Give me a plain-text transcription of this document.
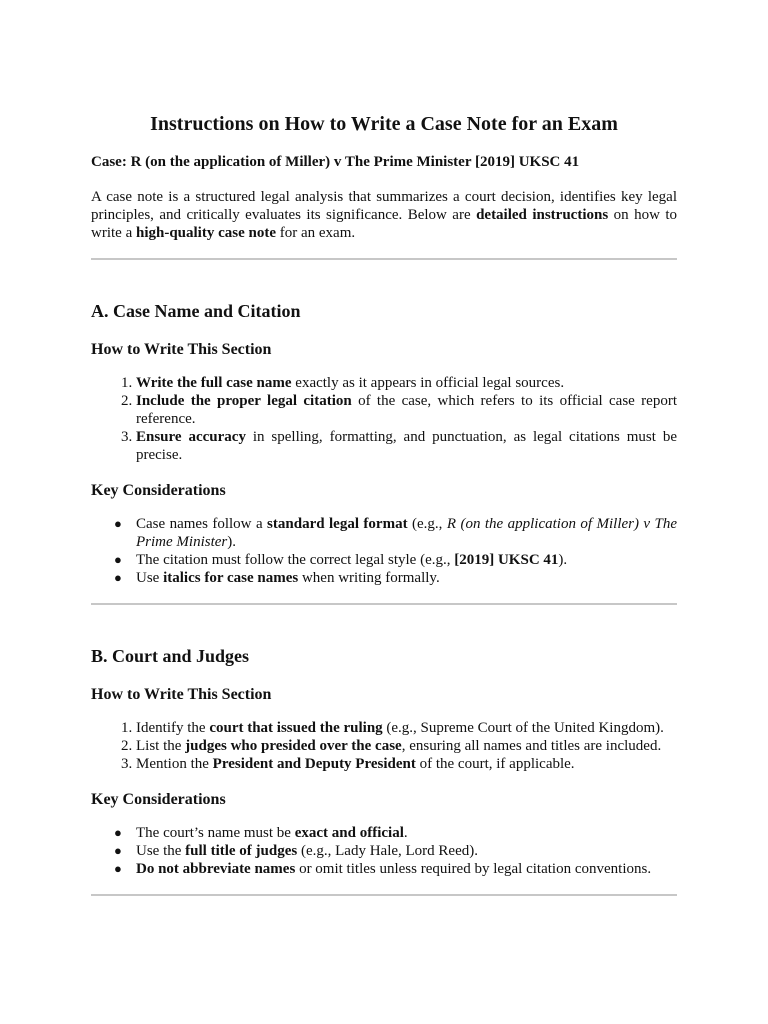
Instructions on How to Write a Case Note for an Exam

Case: R (on the application of Miller) v The Prime Minister [2019] UKSC 41

A case note is a structured legal analysis that summarizes a court decision, identifies key legal principles, and critically evaluates its significance. Below are detailed instructions on how to write a high-quality case note for an exam.

A. Case Name and Citation
How to Write This Section
1. Write the full case name exactly as it appears in official legal sources.
2. Include the proper legal citation of the case, which refers to its official case report reference.
3. Ensure accuracy in spelling, formatting, and punctuation, as legal citations must be precise.
Key Considerations
● Case names follow a standard legal format (e.g., R (on the application of Miller) v The Prime Minister).
● The citation must follow the correct legal style (e.g., [2019] UKSC 41).
● Use italics for case names when writing formally.
B. Court and Judges
How to Write This Section
1. Identify the court that issued the ruling (e.g., Supreme Court of the United Kingdom).
2. List the judges who presided over the case, ensuring all names and titles are included.
3. Mention the President and Deputy President of the court, if applicable.
Key Considerations
● The court’s name must be exact and official.
● Use the full title of judges (e.g., Lady Hale, Lord Reed).
● Do not abbreviate names or omit titles unless required by legal citation conventions.
